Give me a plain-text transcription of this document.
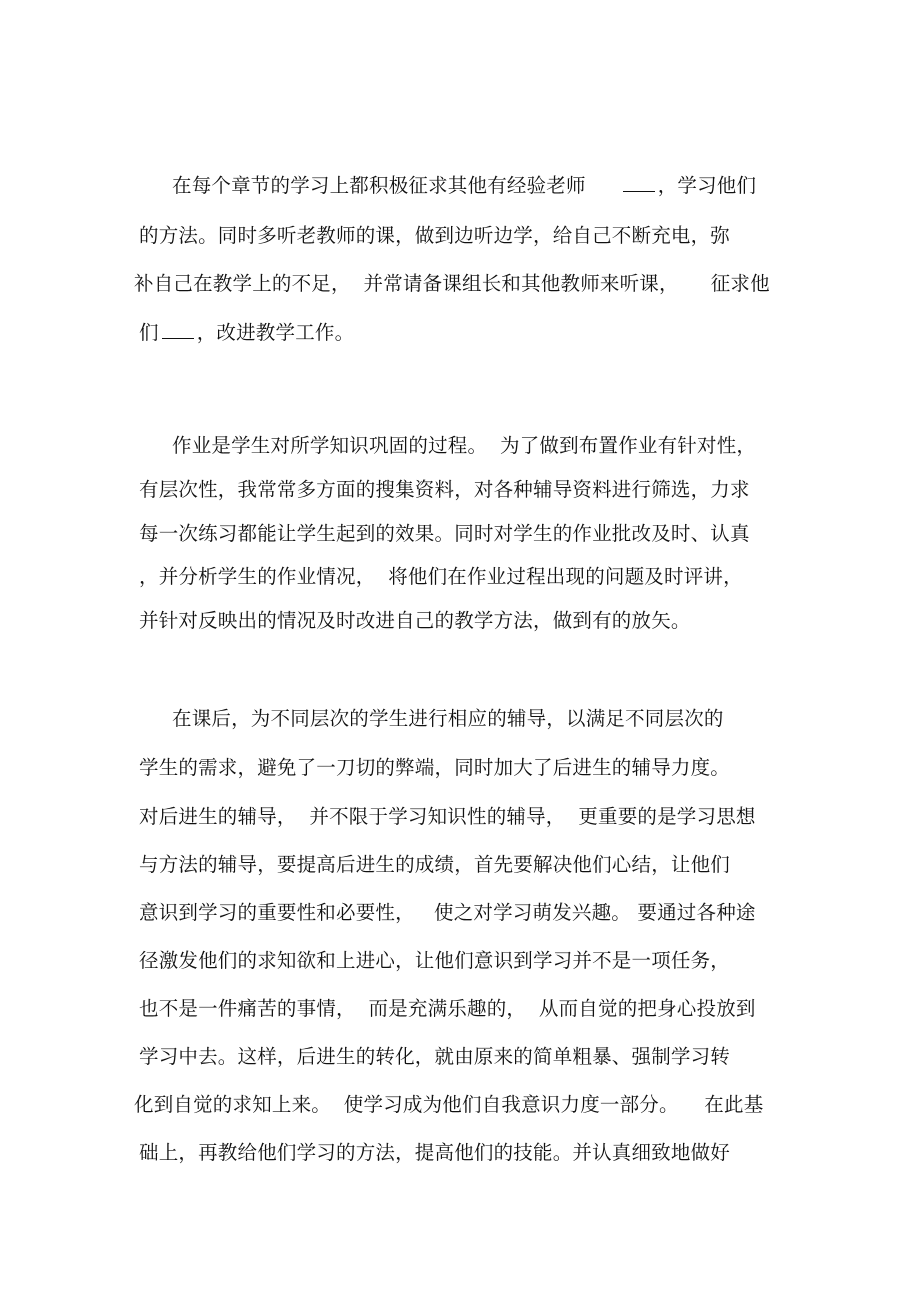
在每个章节的学习上都积极征求其他有经验老师	，学习他们
的方法。同时多听老教师的课，做到边听边学，给自己不断充电，弥
补自己在教学上的不足，  并常请备课组长和其他教师来听课，     征求他
们 ，改进教学工作。
作业是学生对所学知识巩固的过程。  为了做到布置作业有针对性，
有层次性，我常常多方面的搜集资料，对各种辅导资料进行筛选，力求
每一次练习都能让学生起到的效果。同时对学生的作业批改及时、认真
，并分析学生的作业情况，  将他们在作业过程出现的问题及时评讲，
并针对反映出的情况及时改进自己的教学方法，做到有的放矢。
在课后，为不同层次的学生进行相应的辅导，以满足不同层次的
学生的需求，避免了一刀切的弊端，同时加大了后进生的辅导力度。
对后进生的辅导，  并不限于学习知识性的辅导，  更重要的是学习思想
与方法的辅导，要提高后进生的成绩，首先要解决他们心结，让他们
意识到学习的重要性和必要性，   使之对学习萌发兴趣。 要通过各种途
径激发他们的求知欲和上进心，让他们意识到学习并不是一项任务，
也不是一件痛苦的事情，  而是充满乐趣的，  从而自觉的把身心投放到
学习中去。这样，后进生的转化，就由原来的简单粗暴、强制学习转
化到自觉的求知上来。  使学习成为他们自我意识力度一部分。    在此基
础上，再教给他们学习的方法，提高他们的技能。并认真细致地做好
